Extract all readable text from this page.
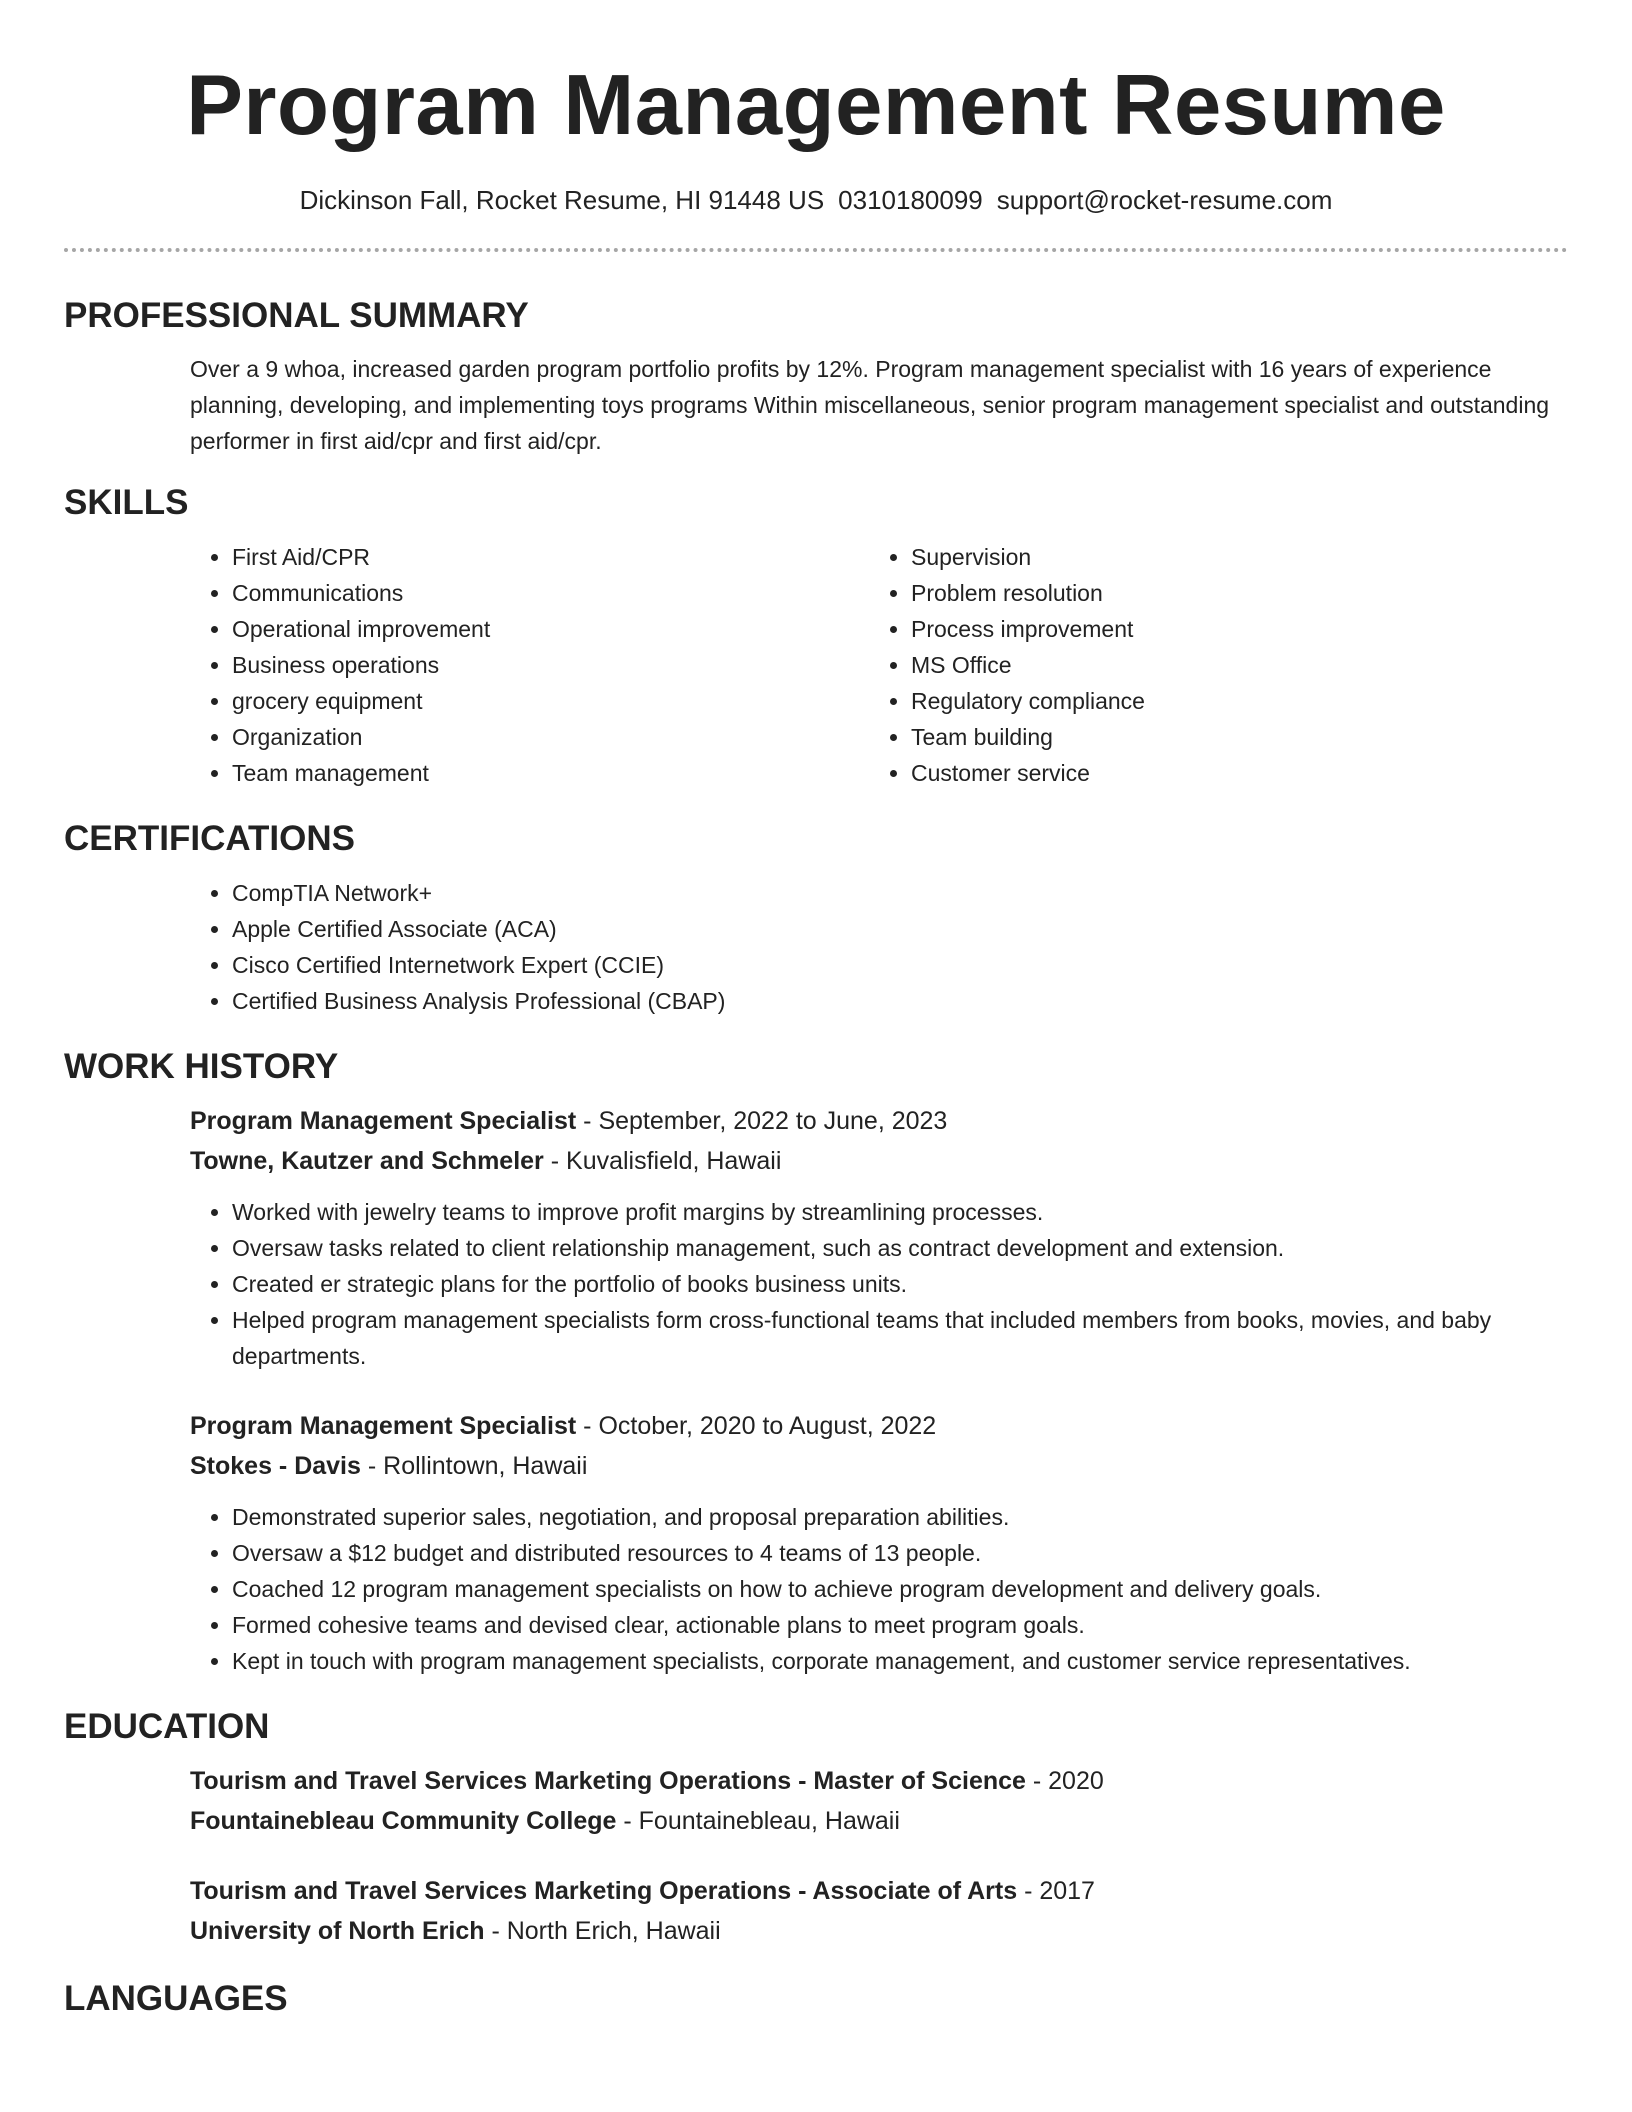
Program Management Resume
Dickinson Fall, Rocket Resume, HI 91448 US 0310180099 support@rocket-resume.com
PROFESSIONAL SUMMARY

Over a 9 whoa, increased garden program portfolio profits by 12%. Program management specialist with 16 years of experience planning, developing, and implementing toys programs Within miscellaneous, senior program management specialist and outstanding performer in first aid/cpr and first aid/cpr.

SKILLS
• First Aid/CPR
• Communications
• Operational improvement
• Business operations
• grocery equipment
• Organization
• Team management
• Supervision
• Problem resolution
• Process improvement
• MS Office
• Regulatory compliance
• Team building
• Customer service
CERTIFICATIONS
• CompTIA Network+
• Apple Certified Associate (ACA)
• Cisco Certified Internetwork Expert (CCIE)
• Certified Business Analysis Professional (CBAP)
WORK HISTORY

Program Management Specialist - September, 2022 to June, 2023

Towne, Kautzer and Schmeler - Kuvalisfield, Hawaii

• Worked with jewelry teams to improve profit margins by streamlining processes.
• Oversaw tasks related to client relationship management, such as contract development and extension.
• Created er strategic plans for the portfolio of books business units.
• Helped program management specialists form cross-functional teams that included members from books, movies, and baby departments.

Program Management Specialist - October, 2020 to August, 2022

Stokes - Davis - Rollintown, Hawaii

• Demonstrated superior sales, negotiation, and proposal preparation abilities.
• Oversaw a $12 budget and distributed resources to 4 teams of 13 people.
• Coached 12 program management specialists on how to achieve program development and delivery goals.
• Formed cohesive teams and devised clear, actionable plans to meet program goals.
• Kept in touch with program management specialists, corporate management, and customer service representatives.
EDUCATION

Tourism and Travel Services Marketing Operations - Master of Science - 2020

Fountainebleau Community College - Fountainebleau, Hawaii

Tourism and Travel Services Marketing Operations - Associate of Arts - 2017

University of North Erich - North Erich, Hawaii

LANGUAGES
